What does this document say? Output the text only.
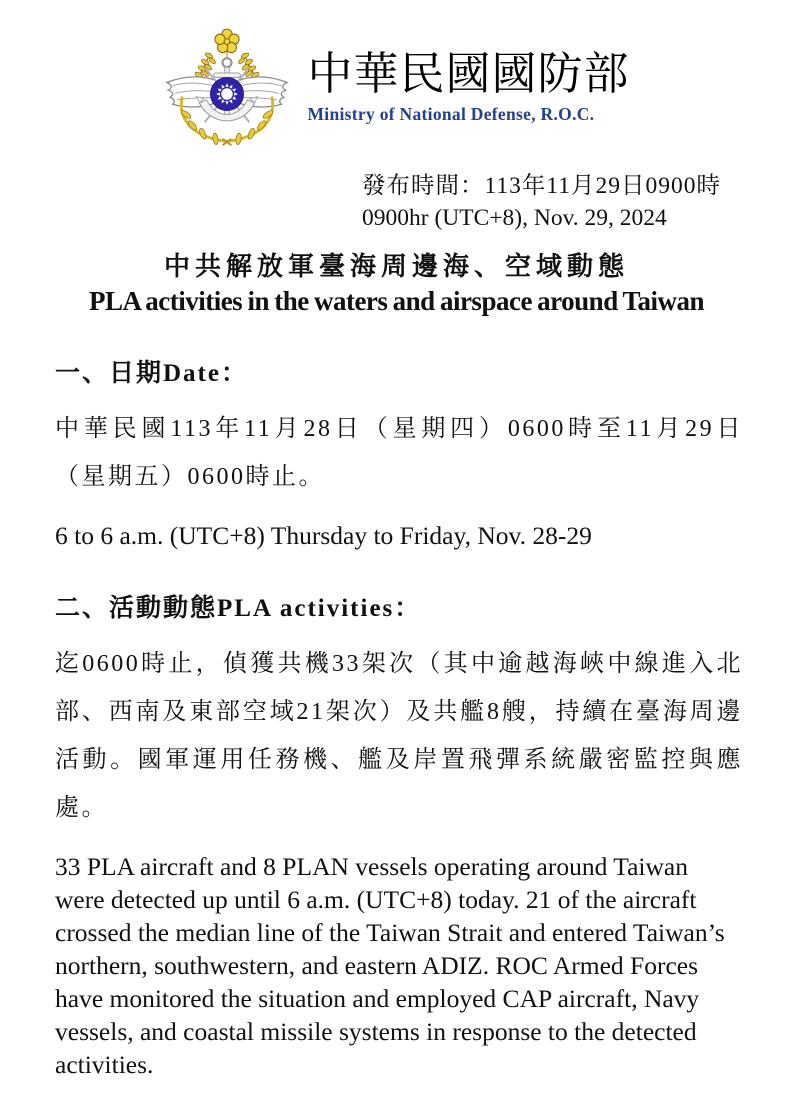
中華民國國防部
Ministry of National Defense, R.O.C.
發布時間：113年11月29日0900時
0900hr (UTC+8), Nov. 29, 2024
中共解放軍臺海周邊海、空域動態
PLA activities in the waters and airspace around Taiwan
一、日期Date：
中華民國113年11月28日（星期四）0600時至11月29日（星期五）0600時止。
6 to 6 a.m. (UTC+8) Thursday to Friday, Nov. 28-29
二、活動動態PLA activities：
迄0600時止，偵獲共機33架次（其中逾越海峽中線進入北部、西南及東部空域21架次）及共艦8艘，持續在臺海周邊活動。國軍運用任務機、艦及岸置飛彈系統嚴密監控與應處。
33 PLA aircraft and 8 PLAN vessels operating around Taiwan were detected up until 6 a.m. (UTC+8) today. 21 of the aircraft crossed the median line of the Taiwan Strait and entered Taiwan’s northern, southwestern, and eastern ADIZ. ROC Armed Forces have monitored the situation and employed CAP aircraft, Navy vessels, and coastal missile systems in response to the detected activities.
